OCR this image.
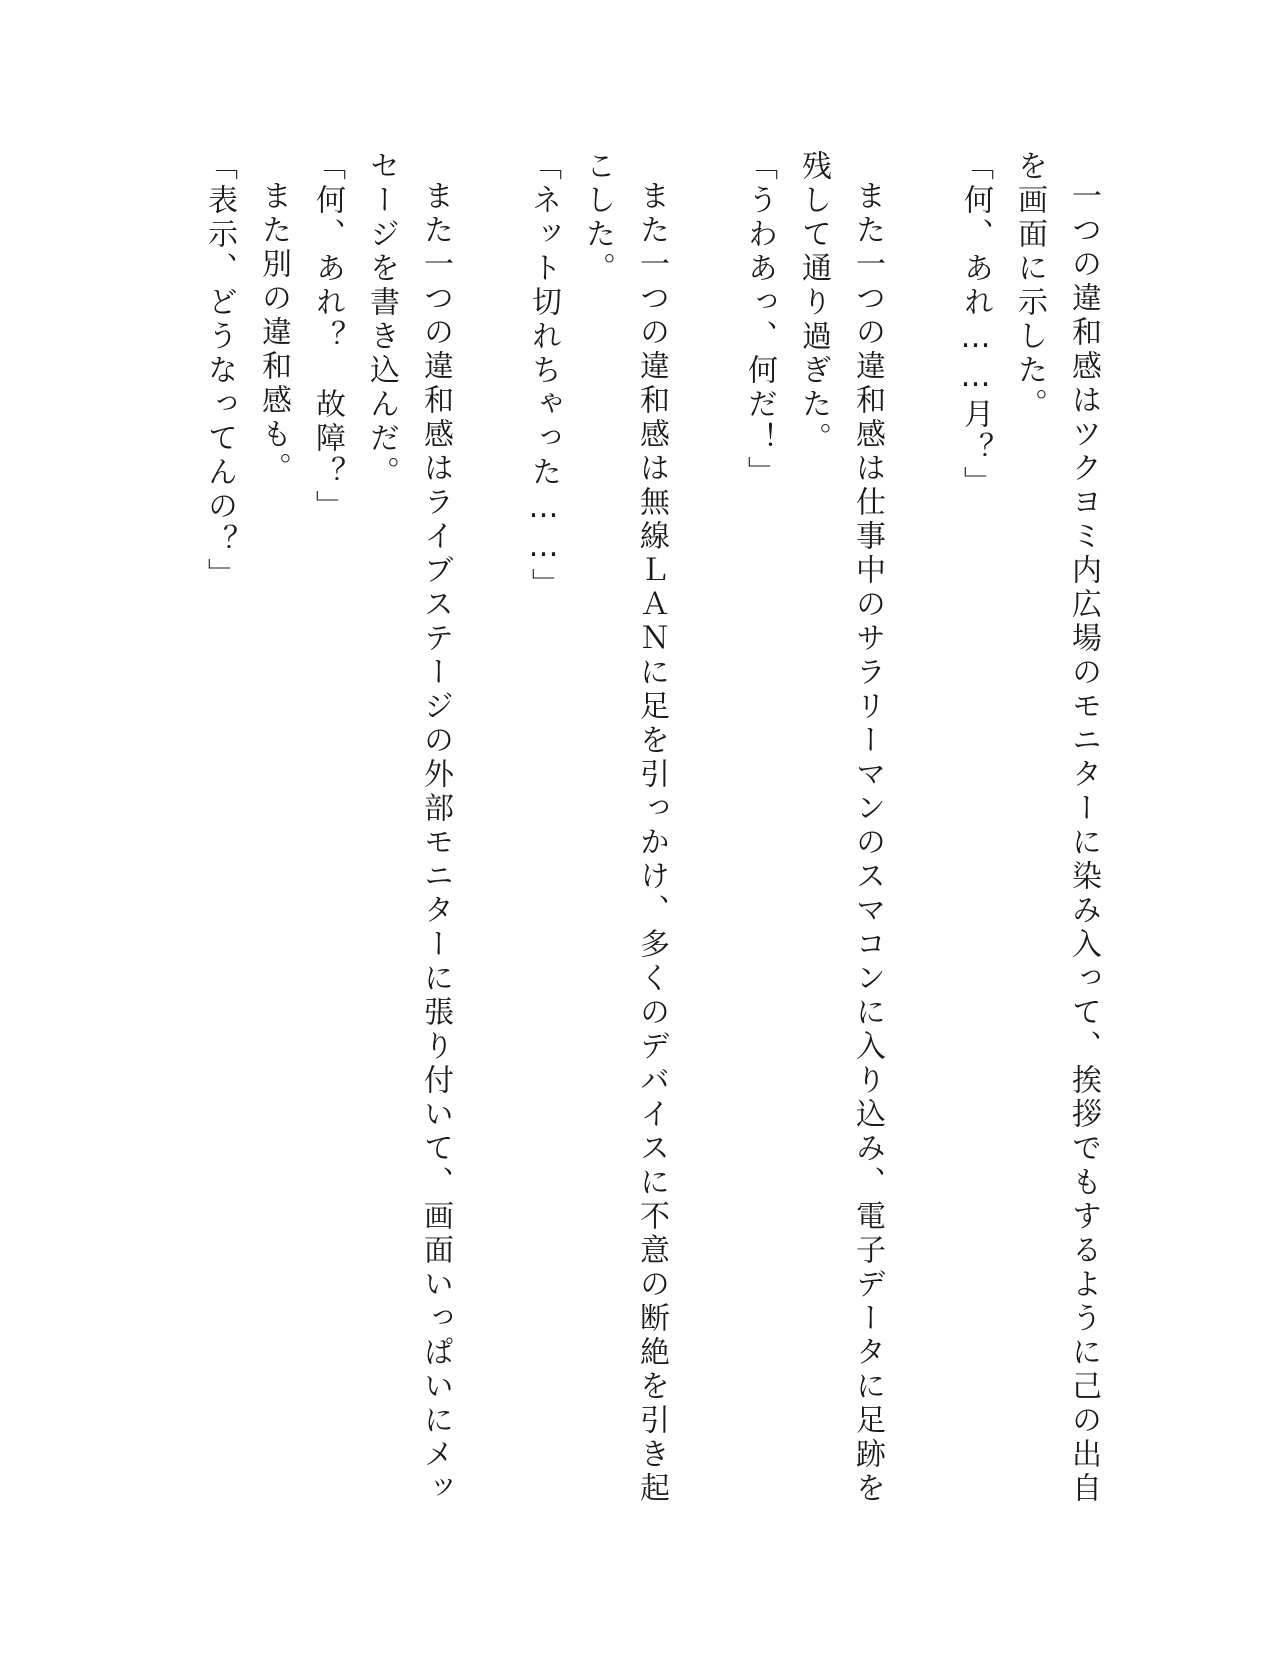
一つの違和感はツクヨミ内広場のモニターに染み入って、挨拶でもするように己の出自を画面に示した。
「何、あれ……月？」
また一つの違和感は仕事中のサラリーマンのスマコンに入り込み、電子データに足跡を残して通り過ぎた。
「うわあっ、何だ！」
また一つの違和感は無線ＬＡＮに足を引っかけ、多くのデバイスに不意の断絶を引き起こした。
「ネット切れちゃった……」
また一つの違和感はライブステージの外部モニターに張り付いて、画面いっぱいにメッセージを書き込んだ。
「何、あれ？　故障？」
また別の違和感も。
「表示、どうなってんの？」
